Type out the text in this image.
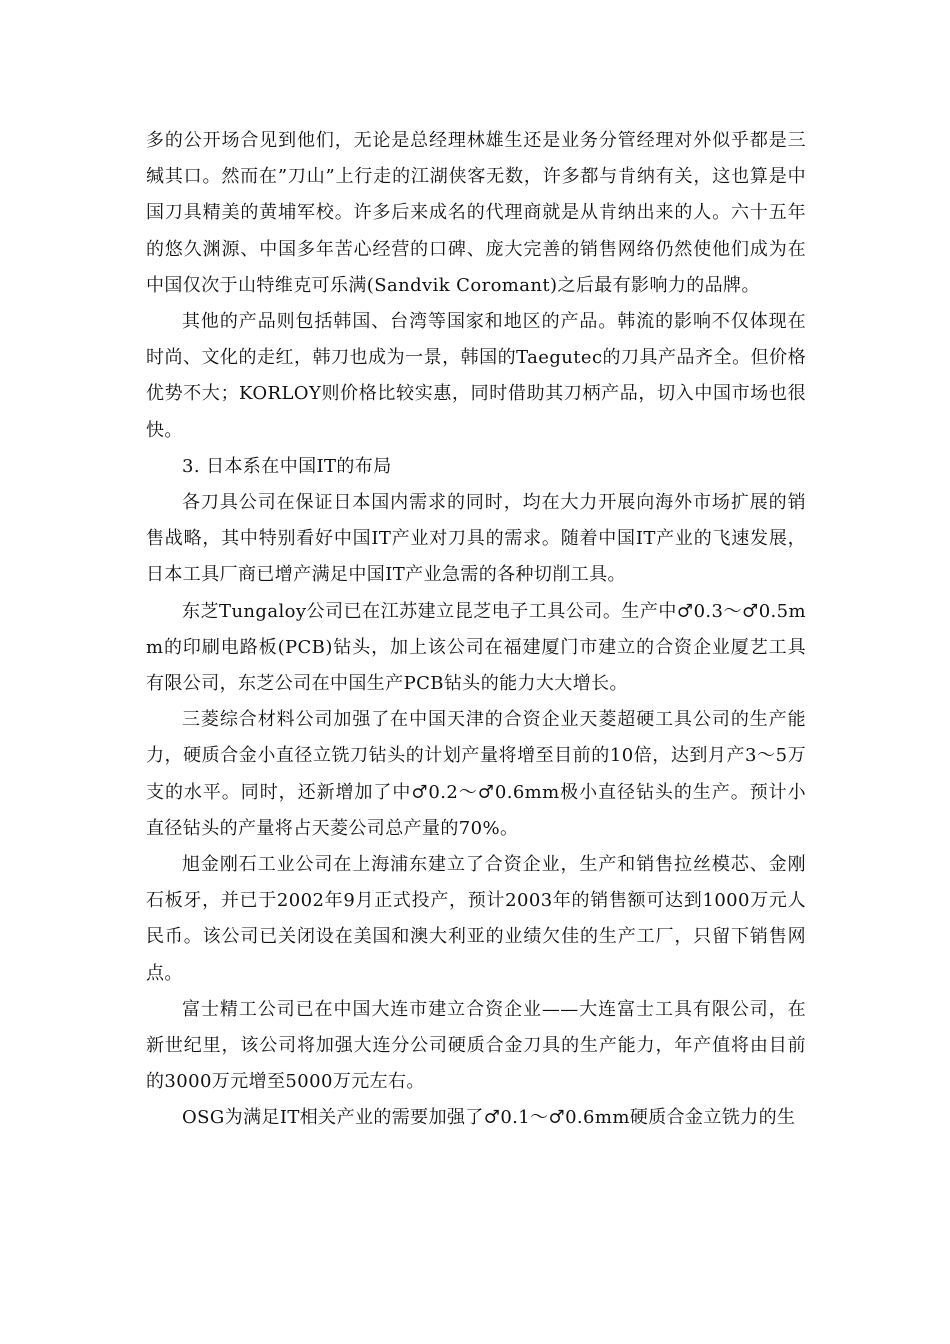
多的公开场合见到他们，无论是总经理林雄生还是业务分管经理对外似乎都是三缄其口。然而在”刀山”上行走的江湖侠客无数，许多都与肯纳有关，这也算是中国刀具精美的黄埔军校。许多后来成名的代理商就是从肯纳出来的人。六十五年的悠久渊源、中国多年苦心经营的口碑、庞大完善的销售网络仍然使他们成为在中国仅次于山特维克可乐满(Sandvik Coromant)之后最有影响力的品牌。

其他的产品则包括韩国、台湾等国家和地区的产品。韩流的影响不仅体现在时尚、文化的走红，韩刀也成为一景，韩国的Taegutec的刀具产品齐全。但价格优势不大；KORLOY则价格比较实惠，同时借助其刀柄产品，切入中国市场也很快。

3. 日本系在中国IT的布局

各刀具公司在保证日本国内需求的同时，均在大力开展向海外市场扩展的销售战略，其中特别看好中国IT产业对刀具的需求。随着中国IT产业的飞速发展，日本工具厂商已增产满足中国IT产业急需的各种切削工具。

东芝Tungaloy公司已在江苏建立昆芝电子工具公司。生产中♂0.3～♂0.5mm的印刷电路板(PCB)钻头，加上该公司在福建厦门市建立的合资企业厦艺工具有限公司，东芝公司在中国生产PCB钻头的能力大大增长。

三菱综合材料公司加强了在中国天津的合资企业天菱超硬工具公司的生产能力，硬质合金小直径立铣刀钻头的计划产量将增至目前的10倍，达到月产3～5万支的水平。同时，还新增加了中♂0.2～♂0.6mm极小直径钻头的生产。预计小直径钻头的产量将占天菱公司总产量的70%。

旭金刚石工业公司在上海浦东建立了合资企业，生产和销售拉丝模芯、金刚石板牙，并已于2002年9月正式投产，预计2003年的销售额可达到1000万元人民币。该公司已关闭设在美国和澳大利亚的业绩欠佳的生产工厂，只留下销售网点。

富士精工公司已在中国大连市建立合资企业——大连富士工具有限公司，在新世纪里，该公司将加强大连分公司硬质合金刀具的生产能力，年产值将由目前的3000万元增至5000万元左右。

OSG为满足IT相关产业的需要加强了♂0.1～♂0.6mm硬质合金立铣力的生
